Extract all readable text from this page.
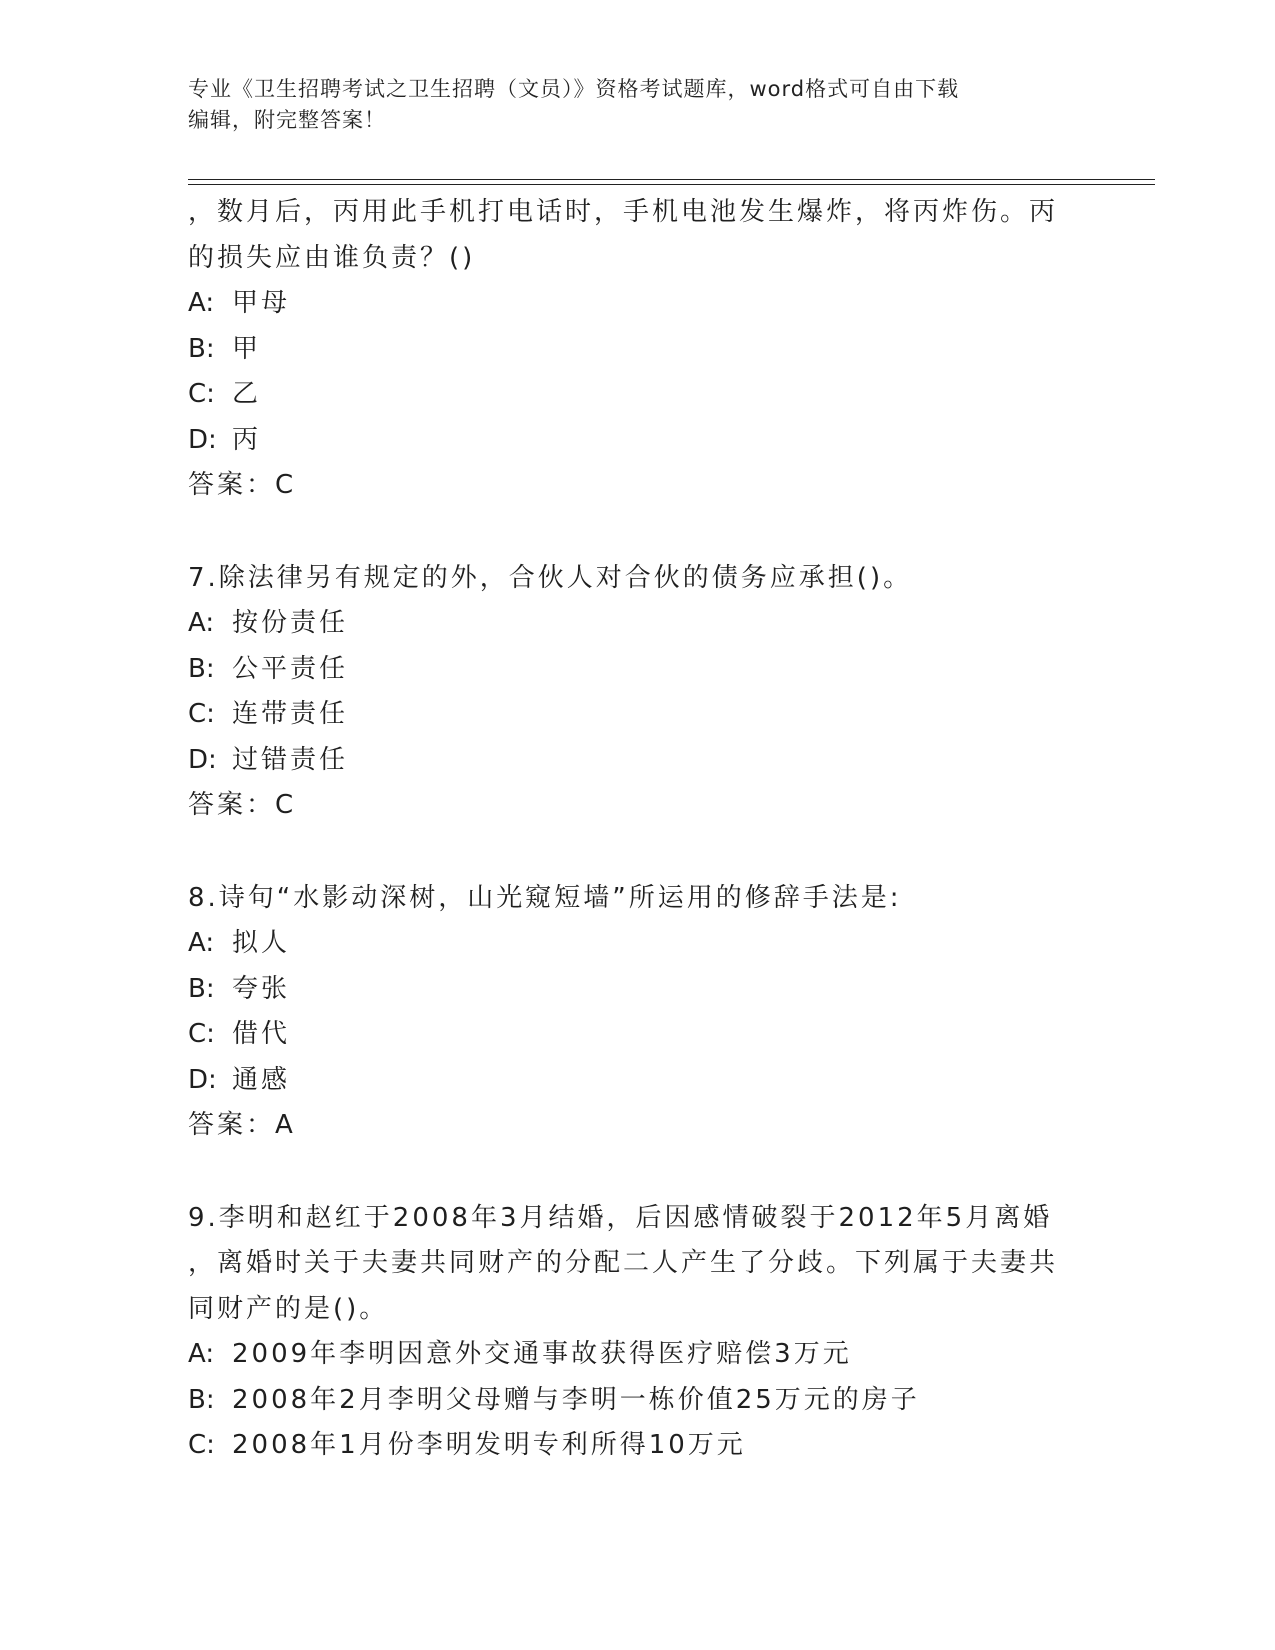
专业《卫生招聘考试之卫生招聘（文员）》资格考试题库，word格式可自由下载
编辑，附完整答案！
，数月后，丙用此手机打电话时，手机电池发生爆炸，将丙炸伤。丙
的损失应由谁负责？()
A: 甲母
B: 甲
C: 乙
D: 丙
答案：C
7.除法律另有规定的外，合伙人对合伙的债务应承担()。
A: 按份责任
B: 公平责任
C: 连带责任
D: 过错责任
答案：C
8.诗句“水影动深树，山光窥短墙”所运用的修辞手法是:
A: 拟人
B: 夸张
C: 借代
D: 通感
答案：A
9.李明和赵红于2008年3月结婚，后因感情破裂于2012年5月离婚
，离婚时关于夫妻共同财产的分配二人产生了分歧。下列属于夫妻共
同财产的是()。
A: 2009年李明因意外交通事故获得医疗赔偿3万元
B: 2008年2月李明父母赠与李明一栋价值25万元的房子
C: 2008年1月份李明发明专利所得10万元
